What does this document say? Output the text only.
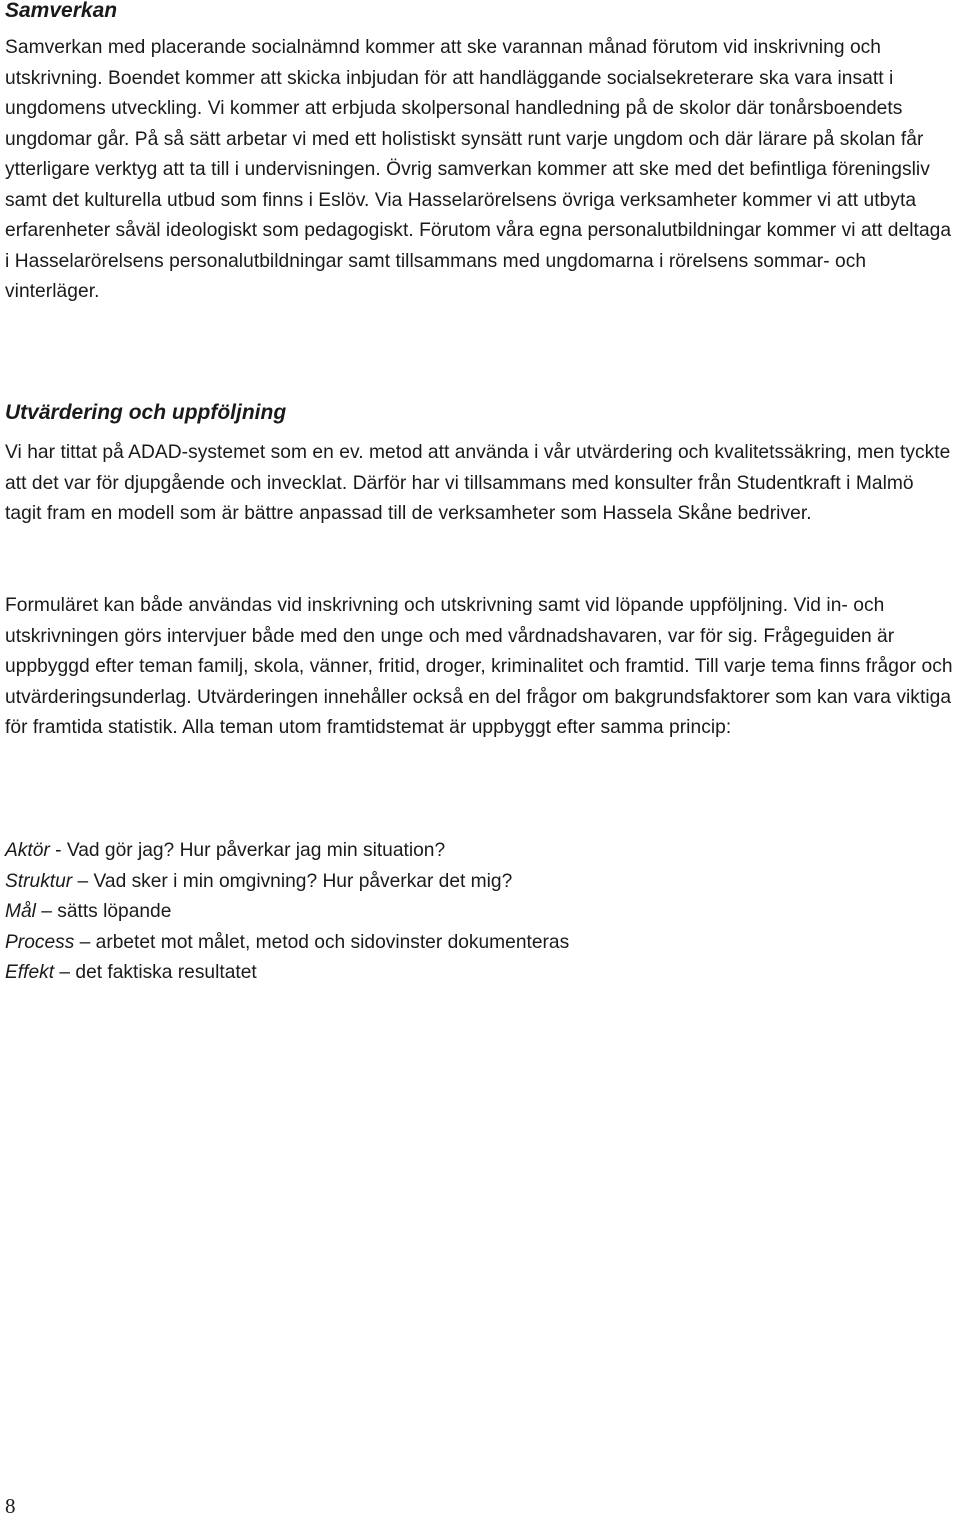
Samverkan

Samverkan med placerande socialnämnd kommer att ske varannan månad förutom vid inskrivning och utskrivning. Boendet kommer att skicka inbjudan för att handläggande socialsekreterare ska vara insatt i ungdomens utveckling. Vi kommer att erbjuda skolpersonal handledning på de skolor där tonårsboendets ungdomar går. På så sätt arbetar vi med ett holistiskt synsätt runt varje ungdom och där lärare på skolan får ytterligare verktyg att ta till i undervisningen. Övrig samverkan kommer att ske med det befintliga föreningsliv samt det kulturella utbud som finns i Eslöv. Via Hasselarörelsens övriga verksamheter kommer vi att utbyta erfarenheter såväl ideologiskt som pedagogiskt. Förutom våra egna personalutbildningar kommer vi att deltaga i Hasselarörelsens personalutbildningar samt tillsammans med ungdomarna i rörelsens sommar- och vinterläger.

Utvärdering och uppföljning

Vi har tittat på ADAD-systemet som en ev. metod att använda i vår utvärdering och kvalitetssäkring, men tyckte att det var för djupgående och invecklat. Därför har vi tillsammans med konsulter från Studentkraft i Malmö tagit fram en modell som är bättre anpassad till de verksamheter som Hassela Skåne bedriver.

Formuläret kan både användas vid inskrivning och utskrivning samt vid löpande uppföljning. Vid in- och utskrivningen görs intervjuer både med den unge och med vårdnadshavaren, var för sig. Frågeguiden är uppbyggd efter teman familj, skola, vänner, fritid, droger, kriminalitet och framtid. Till varje tema finns frågor och utvärderingsunderlag. Utvärderingen innehåller också en del frågor om bakgrundsfaktorer som kan vara viktiga för framtida statistik. Alla teman utom framtidstemat är uppbyggt efter samma princip:

Aktör - Vad gör jag? Hur påverkar jag min situation?
Struktur – Vad sker i min omgivning? Hur påverkar det mig?
Mål – sätts löpande
Process – arbetet mot målet, metod och sidovinster dokumenteras
Effekt – det faktiska resultatet
8
